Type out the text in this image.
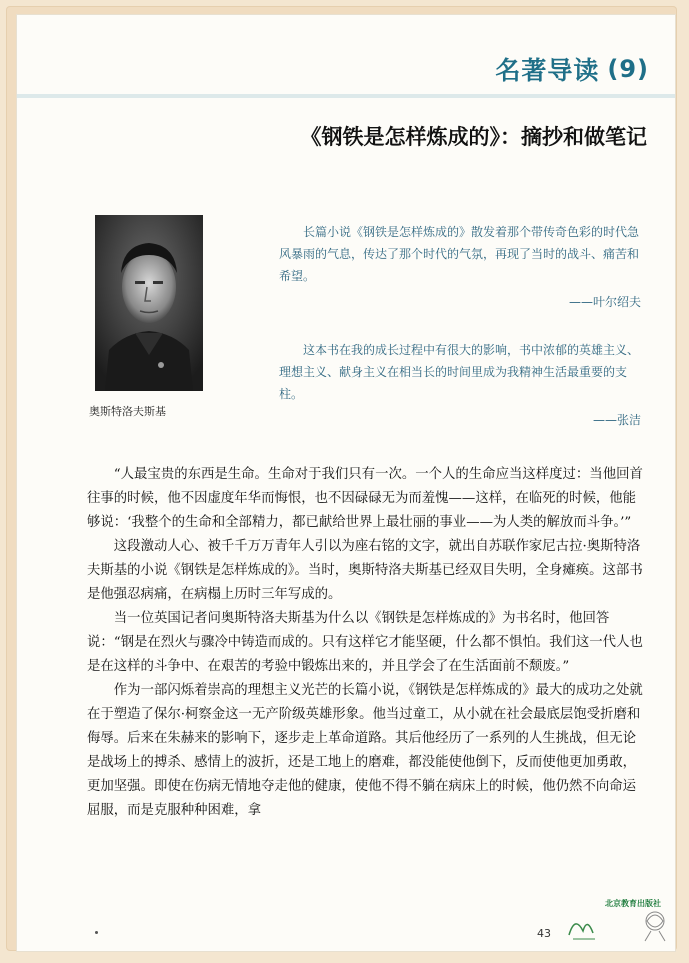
名著导读 (9)
《钢铁是怎样炼成的》：摘抄和做笔记
奥斯特洛夫斯基

长篇小说《钢铁是怎样炼成的》散发着那个带传奇色彩的时代急风暴雨的气息，传达了那个时代的气氛，再现了当时的战斗、痛苦和希望。

——叶尔绍夫

这本书在我的成长过程中有很大的影响，书中浓郁的英雄主义、理想主义、献身主义在相当长的时间里成为我精神生活最重要的支柱。

——张洁

“人最宝贵的东西是生命。生命对于我们只有一次。一个人的生命应当这样度过：当他回首往事的时候，他不因虚度年华而悔恨，也不因碌碌无为而羞愧——这样，在临死的时候，他能够说：‘我整个的生命和全部精力，都已献给世界上最壮丽的事业——为人类的解放而斗争。’”

这段激动人心、被千千万万青年人引以为座右铭的文字，就出自苏联作家尼古拉·奥斯特洛夫斯基的小说《钢铁是怎样炼成的》。当时，奥斯特洛夫斯基已经双目失明，全身瘫痪。这部书是他强忍病痛，在病榻上历时三年写成的。

当一位英国记者问奥斯特洛夫斯基为什么以《钢铁是怎样炼成的》为书名时，他回答说：“钢是在烈火与骤冷中铸造而成的。只有这样它才能坚硬，什么都不惧怕。我们这一代人也是在这样的斗争中、在艰苦的考验中锻炼出来的，并且学会了在生活面前不颓废。”

作为一部闪烁着崇高的理想主义光芒的长篇小说，《钢铁是怎样炼成的》最大的成功之处就在于塑造了保尔·柯察金这一无产阶级英雄形象。他当过童工，从小就在社会最底层饱受折磨和侮辱。后来在朱赫来的影响下，逐步走上革命道路。其后他经历了一系列的人生挑战，但无论是战场上的搏杀、感情上的波折，还是工地上的磨难，都没能使他倒下，反而使他更加勇敢，更加坚强。即使在伤病无情地夺走他的健康，使他不得不躺在病床上的时候，他仍然不向命运屈服，而是克服种种困难，拿

43
北京教育出版社
